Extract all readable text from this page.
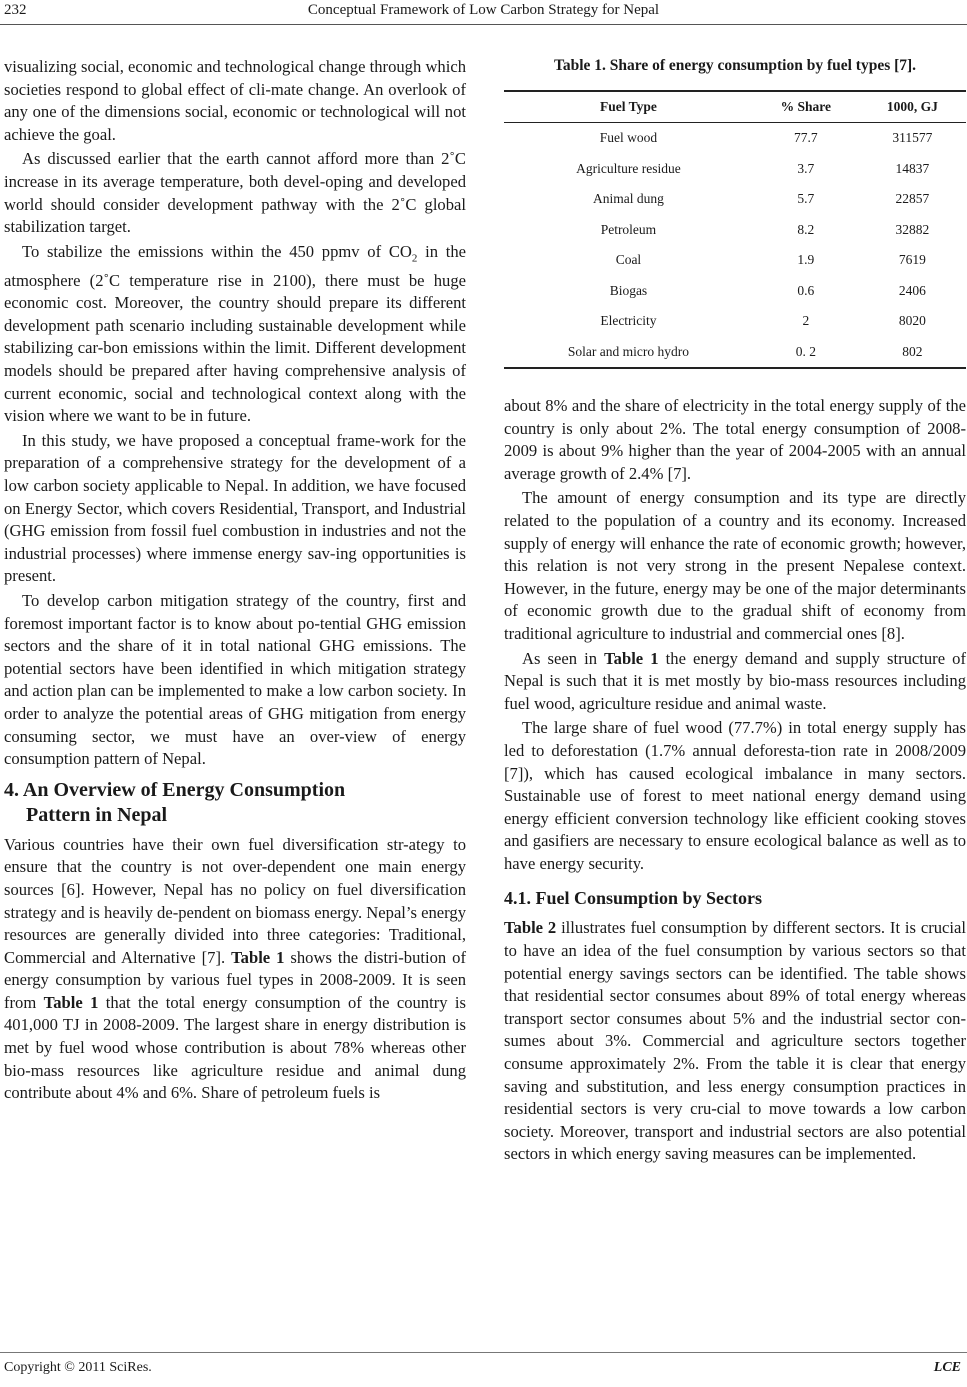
232	Conceptual Framework of Low Carbon Strategy for Nepal

visualizing social, economic and technological change through which societies respond to global effect of cli-mate change. An overlook of any one of the dimensions social, economic or technological will not achieve the goal.

As discussed earlier that the earth cannot afford more than 2˚C increase in its average temperature, both devel-oping and developed world should consider development pathway with the 2˚C global stabilization target.

To stabilize the emissions within the 450 ppmv of $CO_2$ in the atmosphere (2˚C temperature rise in 2100), there must be huge economic cost. Moreover, the country should prepare its different development path scenario including sustainable development while stabilizing car-bon emissions within the limit. Different development models should be prepared after having comprehensive analysis of current economic, social and technological context along with the vision where we want to be in future.

In this study, we have proposed a conceptual frame-work for the preparation of a comprehensive strategy for the development of a low carbon society applicable to Nepal. In addition, we have focused on Energy Sector, which covers Residential, Transport, and Industrial (GHG emission from fossil fuel combustion in industries and not the industrial processes) where immense energy sav-ing opportunities is present.

To develop carbon mitigation strategy of the country, first and foremost important factor is to know about po-tential GHG emission sectors and the share of it in total national GHG emissions. The potential sectors have been identified in which mitigation strategy and action plan can be implemented to make a low carbon society. In order to analyze the potential areas of GHG mitigation from energy consuming sector, we must have an over-view of energy consumption pattern of Nepal.

4. An Overview of Energy Consumption
Pattern in Nepal

Various countries have their own fuel diversification str-ategy to ensure that the country is not over-dependent one main energy sources [6]. However, Nepal has no policy on fuel diversification strategy and is heavily de-pendent on biomass energy. Nepal’s energy resources are generally divided into three categories: Traditional, Commercial and Alternative [7]. Table 1 shows the distri-bution of energy consumption by various fuel types in 2008-2009. It is seen from Table 1 that the total energy consumption of the country is 401,000 TJ in 2008-2009. The largest share in energy distribution is met by fuel wood whose contribution is about 78% whereas other bio-mass resources like agriculture residue and animal dung contribute about 4% and 6%. Share of petroleum fuels is

Table 1. Share of energy consumption by fuel types [7].
Fuel Type	% Share	1000, GJ
Fuel wood	77.7	311577
Agriculture residue	3.7	14837
Animal dung	5.7	22857
Petroleum	8.2	32882
Coal	1.9	7619
Biogas	0.6	2406
Electricity	2	8020
Solar and micro hydro	0. 2	802

about 8% and the share of electricity in the total energy supply of the country is only about 2%. The total energy consumption of 2008-2009 is about 9% higher than the year of 2004-2005 with an annual average growth of 2.4% [7].

The amount of energy consumption and its type are directly related to the population of a country and its economy. Increased supply of energy will enhance the rate of economic growth; however, this relation is not very strong in the present Nepalese context. However, in the future, energy may be one of the major determinants of economic growth due to the gradual shift of economy from traditional agriculture to industrial and commercial ones [8].

As seen in Table 1 the energy demand and supply structure of Nepal is such that it is met mostly by bio-mass resources including fuel wood, agriculture residue and animal waste.

The large share of fuel wood (77.7%) in total energy supply has led to deforestation (1.7% annual deforesta-tion rate in 2008/2009 [7]), which has caused ecological imbalance in many sectors. Sustainable use of forest to meet national energy demand using energy efficient conversion technology like efficient cooking stoves and gasifiers are necessary to ensure ecological balance as well as to have energy security.

4.1. Fuel Consumption by Sectors

Table 2 illustrates fuel consumption by different sectors. It is crucial to have an idea of the fuel consumption by various sectors so that potential energy savings sectors can be identified. The table shows that residential sector consumes about 89% of total energy whereas transport sector consumes about 5% and the industrial sector con-sumes about 3%. Commercial and agriculture sectors together consume approximately 2%. From the table it is clear that energy saving and substitution, and less energy consumption practices in residential sectors is very cru-cial to move towards a low carbon society. Moreover, transport and industrial sectors are also potential sectors in which energy saving measures can be implemented.

Copyright © 2011 SciRes.	LCE
